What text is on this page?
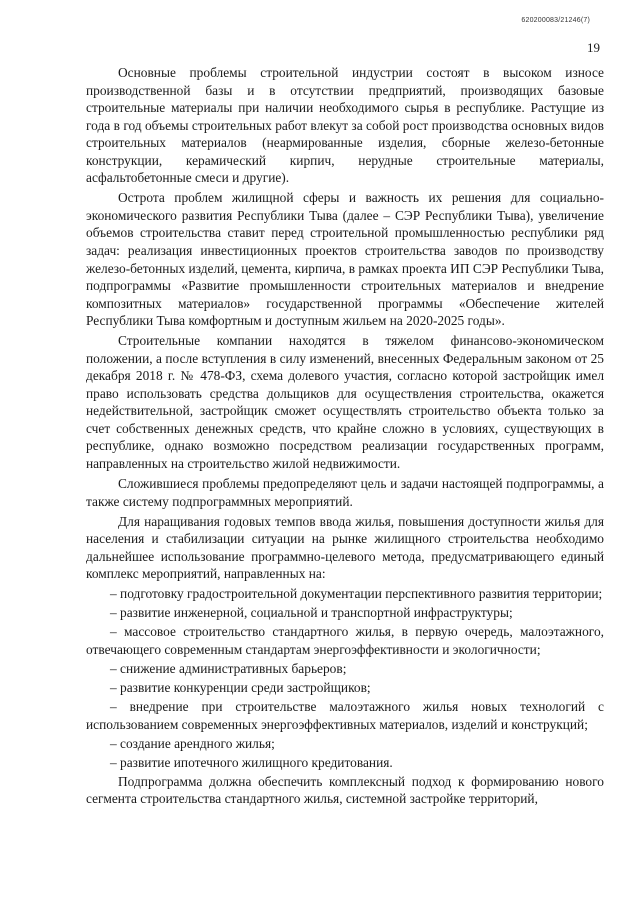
620200083/21246(7)
19

Основные проблемы строительной индустрии состоят в высоком износе производственной базы и в отсутствии предприятий, производящих базовые строительные материалы при наличии необходимого сырья в республике. Растущие из года в год объемы строительных работ влекут за собой рост производства основных видов строительных материалов (неармированные изделия, сборные железо-бетонные конструкции, керамический кирпич, нерудные строительные материалы, асфальтобетонные смеси и другие).

Острота проблем жилищной сферы и важность их решения для социально-экономического развития Республики Тыва (далее – СЭР Республики Тыва), увеличение объемов строительства ставит перед строительной промышленностью республики ряд задач: реализация инвестиционных проектов строительства заводов по производству железо-бетонных изделий, цемента, кирпича, в рамках проекта ИП СЭР Республики Тыва, подпрограммы «Развитие промышленности строительных материалов и внедрение композитных материалов» государственной программы «Обеспечение жителей Республики Тыва комфортным и доступным жильем на 2020-2025 годы».

Строительные компании находятся в тяжелом финансово-экономическом положении, а после вступления в силу изменений, внесенных Федеральным законом от 25 декабря 2018 г. № 478-ФЗ, схема долевого участия, согласно которой застройщик имел право использовать средства дольщиков для осуществления строительства, окажется недействительной, застройщик сможет осуществлять строительство объекта только за счет собственных денежных средств, что крайне сложно в условиях, существующих в республике, однако возможно посредством реализации государственных программ, направленных на строительство жилой недвижимости.

Сложившиеся проблемы предопределяют цель и задачи настоящей подпрограммы, а также систему подпрограммных мероприятий.

Для наращивания годовых темпов ввода жилья, повышения доступности жилья для населения и стабилизации ситуации на рынке жилищного строительства необходимо дальнейшее использование программно-целевого метода, предусматривающего единый комплекс мероприятий, направленных на:

– подготовку градостроительной документации перспективного развития территории;

– развитие инженерной, социальной и транспортной инфраструктуры;

– массовое строительство стандартного жилья, в первую очередь, малоэтажного, отвечающего современным стандартам энергоэффективности и экологичности;

– снижение административных барьеров;

– развитие конкуренции среди застройщиков;

– внедрение при строительстве малоэтажного жилья новых технологий с использованием современных энергоэффективных материалов, изделий и конструкций;

– создание арендного жилья;

– развитие ипотечного жилищного кредитования.

Подпрограмма должна обеспечить комплексный подход к формированию нового сегмента строительства стандартного жилья, системной застройке территорий,
